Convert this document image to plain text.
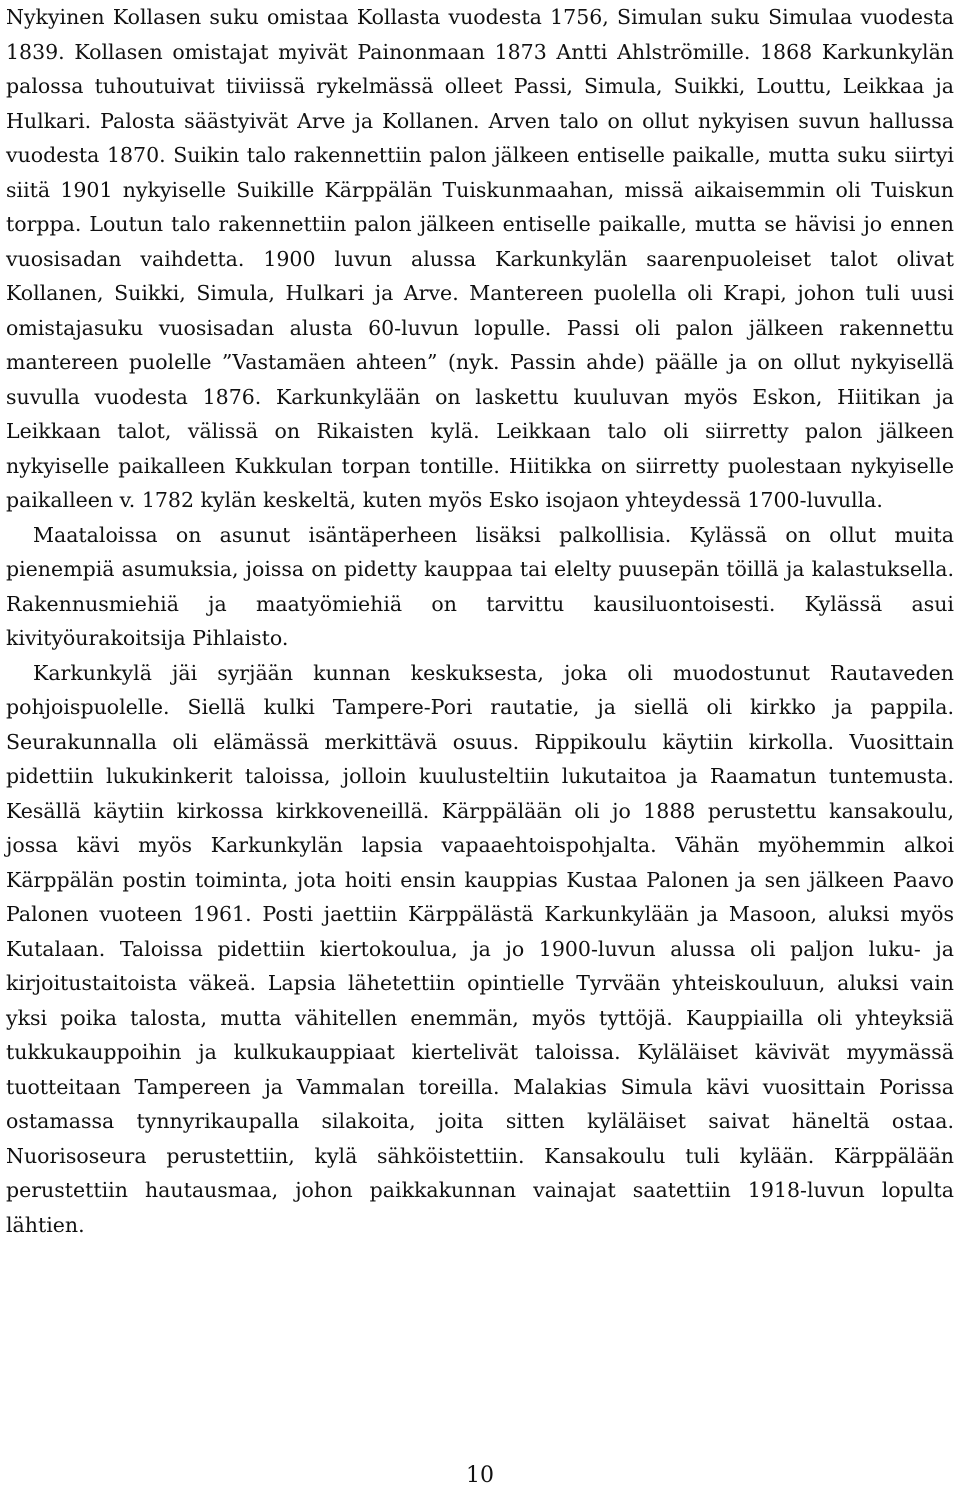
Nykyinen Kollasen suku omistaa Kollasta vuodesta 1756, Simulan suku Simulaa vuodesta 1839. Kollasen omistajat myivät Painonmaan 1873 Antti Ahlströmille. 1868 Karkunkylän palossa tuhoutuivat tiiviissä rykelmässä olleet Passi, Simula, Suikki, Louttu, Leikkaa ja Hulkari. Palosta säästyivät Arve ja Kollanen. Arven talo on ollut nykyisen suvun hallussa vuodesta 1870. Suikin talo rakennettiin palon jälkeen entiselle paikalle, mutta suku siirtyi siitä 1901 nykyiselle Suikille Kärppälän Tuiskunmaahan, missä aikaisemmin oli Tuiskun torppa. Loutun talo rakennettiin palon jälkeen entiselle paikalle, mutta se hävisi jo ennen vuosisadan vaihdetta. 1900 luvun alussa Karkunkylän saarenpuoleiset talot olivat Kollanen, Suikki, Simula, Hulkari ja Arve. Mantereen puolella oli Krapi, johon tuli uusi omistajasuku vuosisadan alusta 60-luvun lopulle. Passi oli palon jälkeen rakennettu mantereen puolelle ”Vastamäen ahteen” (nyk. Passin ahde) päälle ja on ollut nykyisellä suvulla vuodesta 1876. Karkunkylään on laskettu kuuluvan myös Eskon, Hiitikan ja Leikkaan talot, välissä on Rikaisten kylä. Leikkaan talo oli siirretty palon jälkeen nykyiselle paikalleen Kukkulan torpan tontille. Hiitikka on siirretty puolestaan nykyiselle paikalleen v. 1782 kylän keskeltä, kuten myös Esko isojaon yhteydessä 1700-luvulla.

Maataloissa on asunut isäntäperheen lisäksi palkollisia. Kylässä on ollut muita pienempiä asumuksia, joissa on pidetty kauppaa tai elelty puusepän töillä ja kalastuksella. Rakennusmiehiä ja maatyömiehiä on tarvittu kausiluontoisesti. Kylässä asui kivityöurakoitsija Pihlaisto.

Karkunkylä jäi syrjään kunnan keskuksesta, joka oli muodostunut Rautaveden pohjoispuolelle. Siellä kulki Tampere-Pori rautatie, ja siellä oli kirkko ja pappila. Seurakunnalla oli elämässä merkittävä osuus. Rippikoulu käytiin kirkolla. Vuosittain pidettiin lukukinkerit taloissa, jolloin kuulusteltiin lukutaitoa ja Raamatun tuntemusta. Kesällä käytiin kirkossa kirkkoveneillä. Kärppälään oli jo 1888 perustettu kansakoulu, jossa kävi myös Karkunkylän lapsia vapaaehtoispohjalta. Vähän myöhemmin alkoi Kärppälän postin toiminta, jota hoiti ensin kauppias Kustaa Palonen ja sen jälkeen Paavo Palonen vuoteen 1961. Posti jaettiin Kärppälästä Karkunkylään ja Masoon, aluksi myös Kutalaan. Taloissa pidettiin kiertokoulua, ja jo 1900-luvun alussa oli paljon luku- ja kirjoitustaitoista väkeä. Lapsia lähetettiin opintielle Tyrvään yhteiskouluun, aluksi vain yksi poika talosta, mutta vähitellen enemmän, myös tyttöjä. Kauppiailla oli yhteyksiä tukkukauppoihin ja kulkukauppiaat kiertelivät taloissa. Kyläläiset kävivät myymässä tuotteitaan Tampereen ja Vammalan toreilla. Malakias Simula kävi vuosittain Porissa ostamassa tynnyrikaupalla silakoita, joita sitten kyläläiset saivat häneltä ostaa. Nuorisoseura perustettiin, kylä sähköistettiin. Kansakoulu tuli kylään. Kärppälään perustettiin hautausmaa, johon paikkakunnan vainajat saatettiin 1918-luvun lopulta lähtien.

10
